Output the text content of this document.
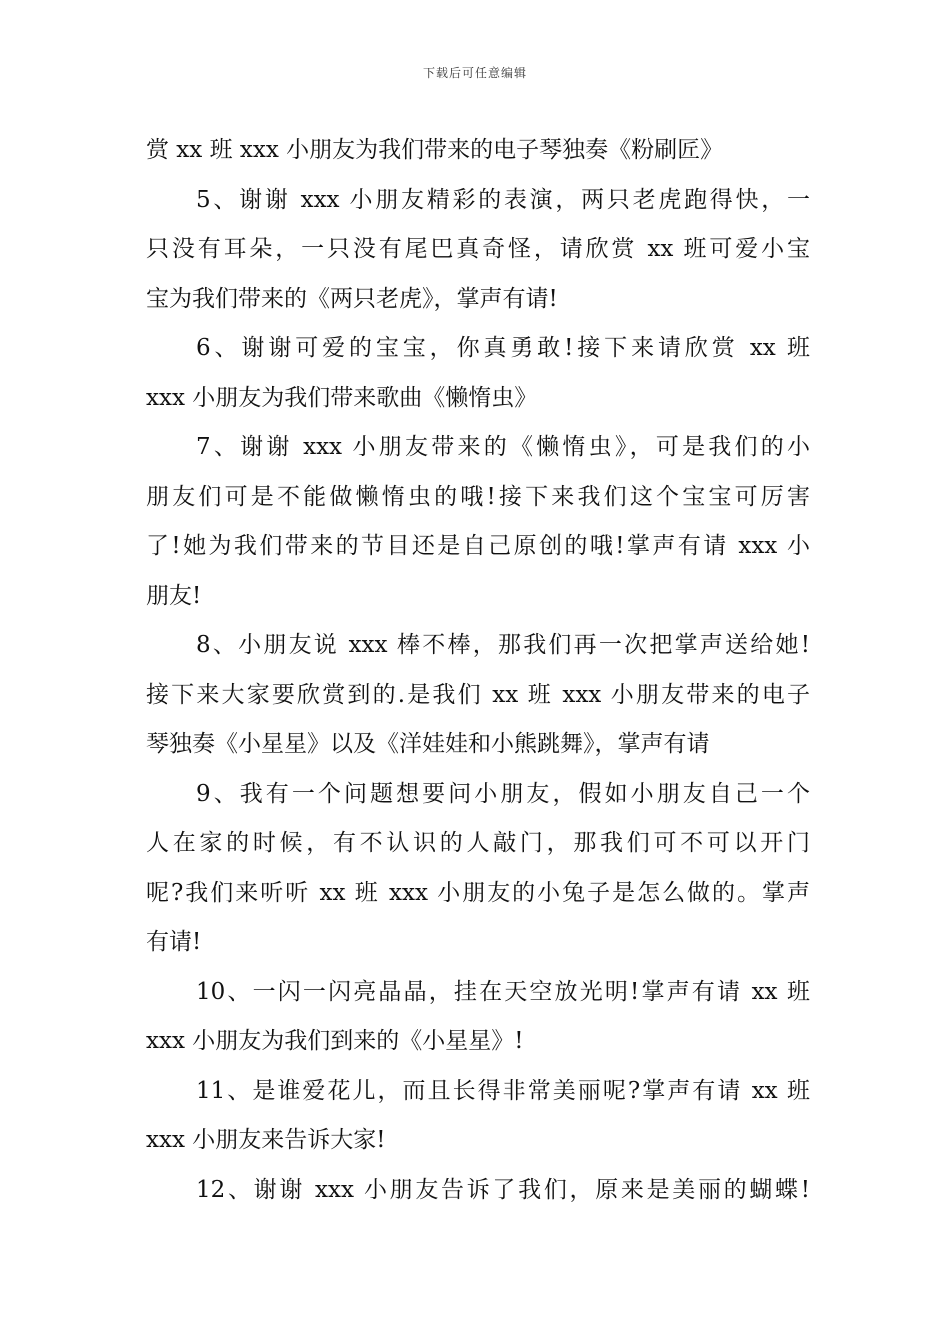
下载后可任意编辑
赏 xx 班 xxx 小朋友为我们带来的电子琴独奏《粉刷匠》
5、谢谢 xxx 小朋友精彩的表演，两只老虎跑得快，一
只没有耳朵，一只没有尾巴真奇怪，请欣赏 xx 班可爱小宝
宝为我们带来的《两只老虎》，掌声有请!
6、谢谢可爱的宝宝，你真勇敢!接下来请欣赏 xx 班
xxx 小朋友为我们带来歌曲《懒惰虫》
7、谢谢 xxx 小朋友带来的《懒惰虫》，可是我们的小
朋友们可是不能做懒惰虫的哦!接下来我们这个宝宝可厉害
了!她为我们带来的节目还是自己原创的哦!掌声有请 xxx 小
朋友!
8、小朋友说 xxx 棒不棒，那我们再一次把掌声送给她!
接下来大家要欣赏到的.是我们 xx 班 xxx 小朋友带来的电子
琴独奏《小星星》以及《洋娃娃和小熊跳舞》，掌声有请
9、我有一个问题想要问小朋友，假如小朋友自己一个
人在家的时候，有不认识的人敲门，那我们可不可以开门
呢?我们来听听 xx 班 xxx 小朋友的小兔子是怎么做的。掌声
有请!
10、一闪一闪亮晶晶，挂在天空放光明!掌声有请 xx 班
xxx 小朋友为我们到来的《小星星》!
11、是谁爱花儿，而且长得非常美丽呢?掌声有请 xx 班
xxx 小朋友来告诉大家!
12、谢谢 xxx 小朋友告诉了我们，原来是美丽的蝴蝶!
